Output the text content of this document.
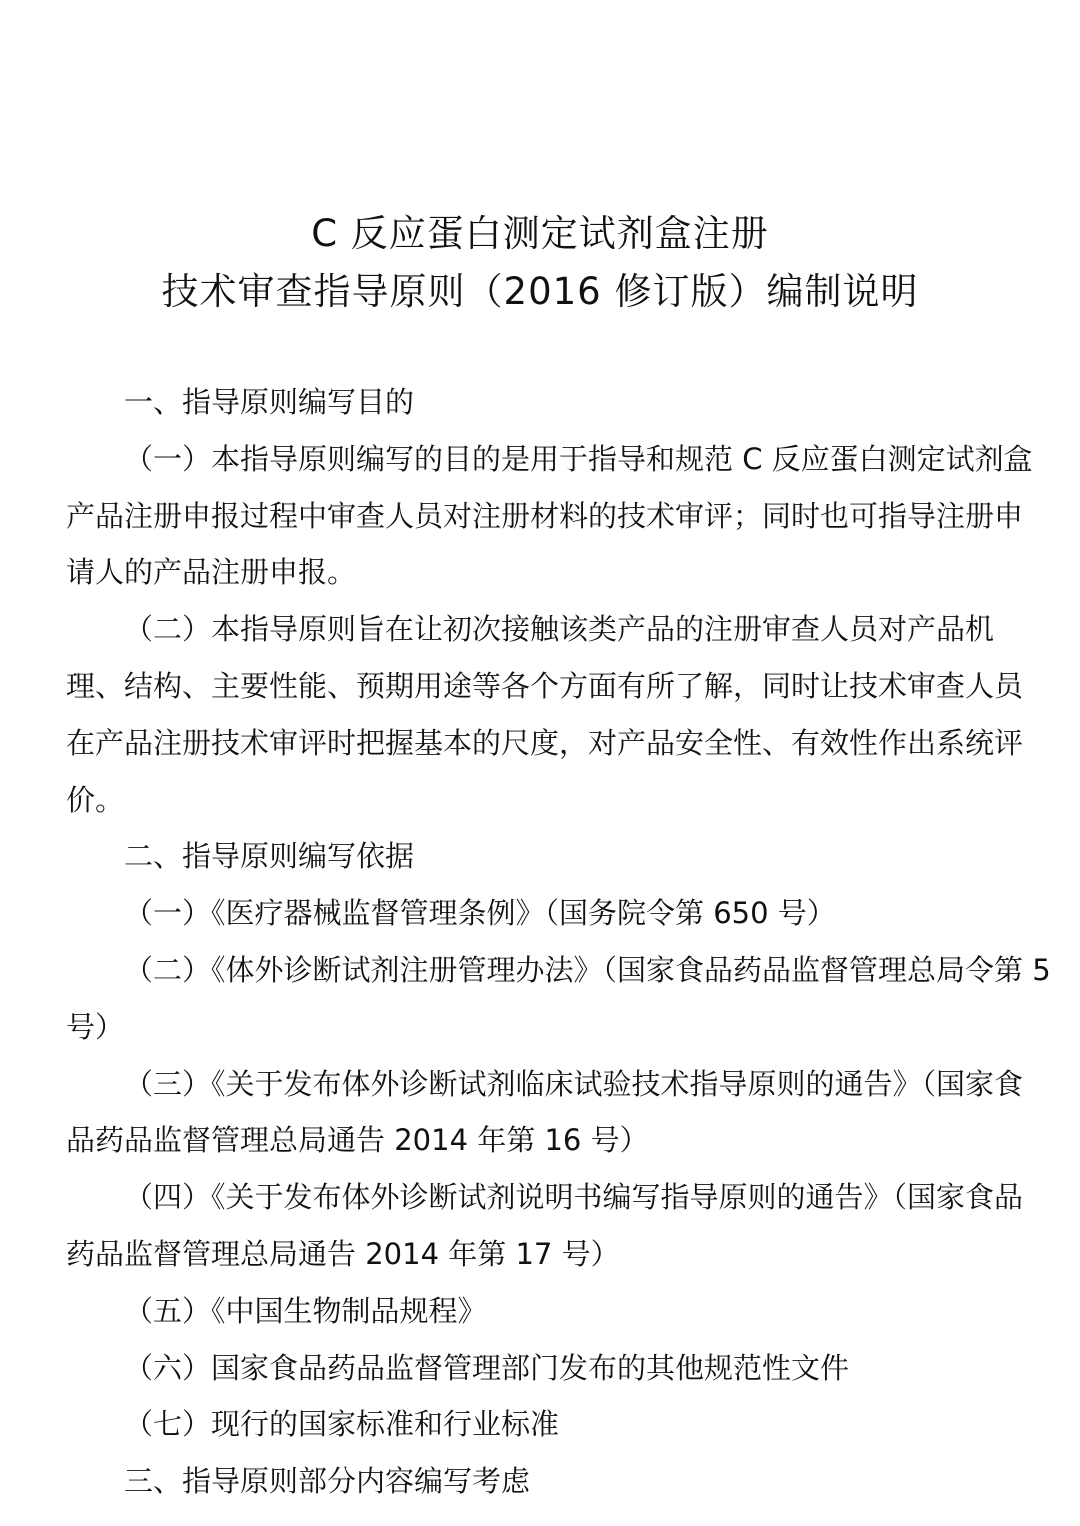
C 反应蛋白测定试剂盒注册

技术审查指导原则（2016 修订版）编制说明

一、指导原则编写目的
（一）本指导原则编写的目的是用于指导和规范 C 反应蛋白测定试剂盒
产品注册申报过程中审查人员对注册材料的技术审评；同时也可指导注册申
请人的产品注册申报。
（二）本指导原则旨在让初次接触该类产品的注册审查人员对产品机
理、结构、主要性能、预期用途等各个方面有所了解，同时让技术审查人员
在产品注册技术审评时把握基本的尺度，对产品安全性、有效性作出系统评
价。
二、指导原则编写依据
（一）《医疗器械监督管理条例》（国务院令第 650 号）
（二）《体外诊断试剂注册管理办法》（国家食品药品监督管理总局令第 5
号）
（三）《关于发布体外诊断试剂临床试验技术指导原则的通告》（国家食
品药品监督管理总局通告 2014 年第 16 号）
（四）《关于发布体外诊断试剂说明书编写指导原则的通告》（国家食品
药品监督管理总局通告 2014 年第 17 号）
（五）《中国生物制品规程》
（六）国家食品药品监督管理部门发布的其他规范性文件
（七）现行的国家标准和行业标准
三、指导原则部分内容编写考虑
